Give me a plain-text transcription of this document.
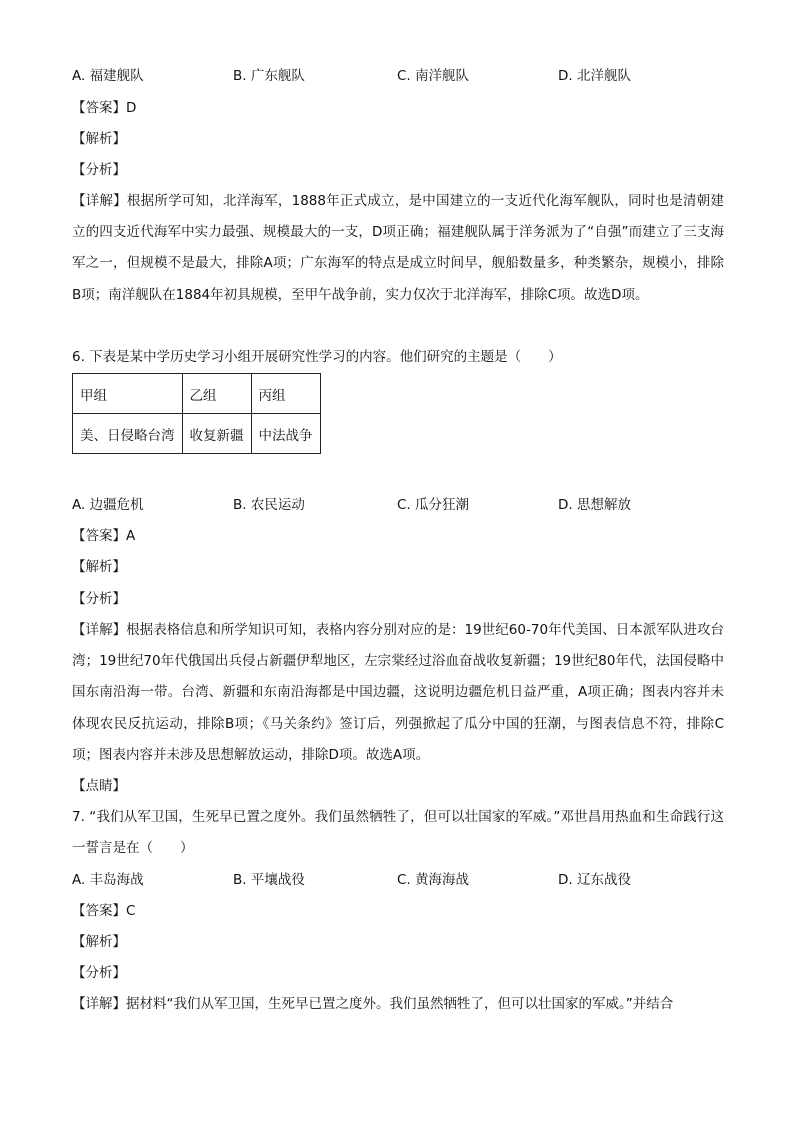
A. 福建舰队	B. 广东舰队	C. 南洋舰队	D. 北洋舰队
【答案】D
【解析】
【分析】
【详解】根据所学可知，北洋海军，1888年正式成立，是中国建立的一支近代化海军舰队，同时也是清朝建立的四支近代海军中实力最强、规模最大的一支，D项正确；福建舰队属于洋务派为了“自强”而建立了三支海军之一，但规模不是最大，排除A项；广东海军的特点是成立时间早，舰船数量多，种类繁杂，规模小，排除B项；南洋舰队在1884年初具规模，至甲午战争前，实力仅次于北洋海军，排除C项。故选D项。
6. 下表是某中学历史学习小组开展研究性学习的内容。他们研究的主题是（　　）
甲组	乙组	丙组
美、日侵略台湾	收复新疆	中法战争
A. 边疆危机	B. 农民运动	C. 瓜分狂潮	D. 思想解放
【答案】A
【解析】
【分析】
【详解】根据表格信息和所学知识可知，表格内容分别对应的是：19世纪60-70年代美国、日本派军队进攻台湾；19世纪70年代俄国出兵侵占新疆伊犁地区，左宗棠经过浴血奋战收复新疆；19世纪80年代，法国侵略中国东南沿海一带。台湾、新疆和东南沿海都是中国边疆，这说明边疆危机日益严重，A项正确；图表内容并未体现农民反抗运动，排除B项；《马关条约》签订后，列强掀起了瓜分中国的狂潮，与图表信息不符，排除C项；图表内容并未涉及思想解放运动，排除D项。故选A项。
【点睛】
7. “我们从军卫国，生死早已置之度外。我们虽然牺牲了，但可以壮国家的军威。”邓世昌用热血和生命践行这一誓言是在（　　）
A. 丰岛海战	B. 平壤战役	C. 黄海海战	D. 辽东战役
【答案】C
【解析】
【分析】
【详解】据材料“我们从军卫国，生死早已置之度外。我们虽然牺牲了，但可以壮国家的军威。”并结合
